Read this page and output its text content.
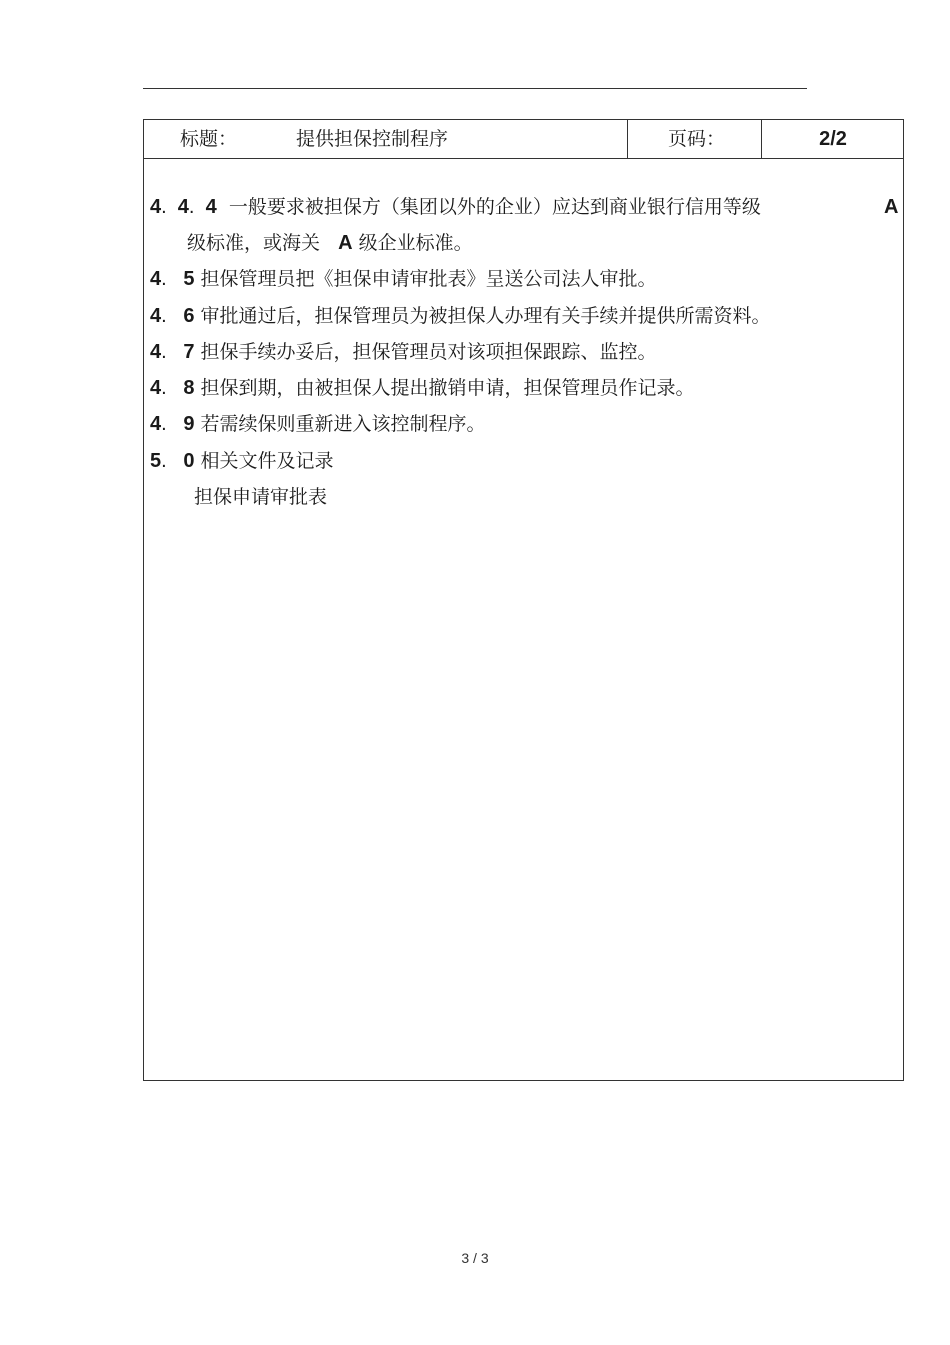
标题：	提供担保控制程序	页码：	2/2
4.  4.  4 一般要求被担保方（集团以外的企业）应达到商业银行信用等级	A
级标准，或海关 A 级企业标准。
4.   5 担保管理员把《担保申请审批表》呈送公司法人审批。
4.   6 审批通过后，担保管理员为被担保人办理有关手续并提供所需资料。
4.   7 担保手续办妥后，担保管理员对该项担保跟踪、监控。
4.   8 担保到期，由被担保人提出撤销申请，担保管理员作记录。
4.   9 若需续保则重新进入该控制程序。
5.   0 相关文件及记录
担保申请审批表
3 / 3
